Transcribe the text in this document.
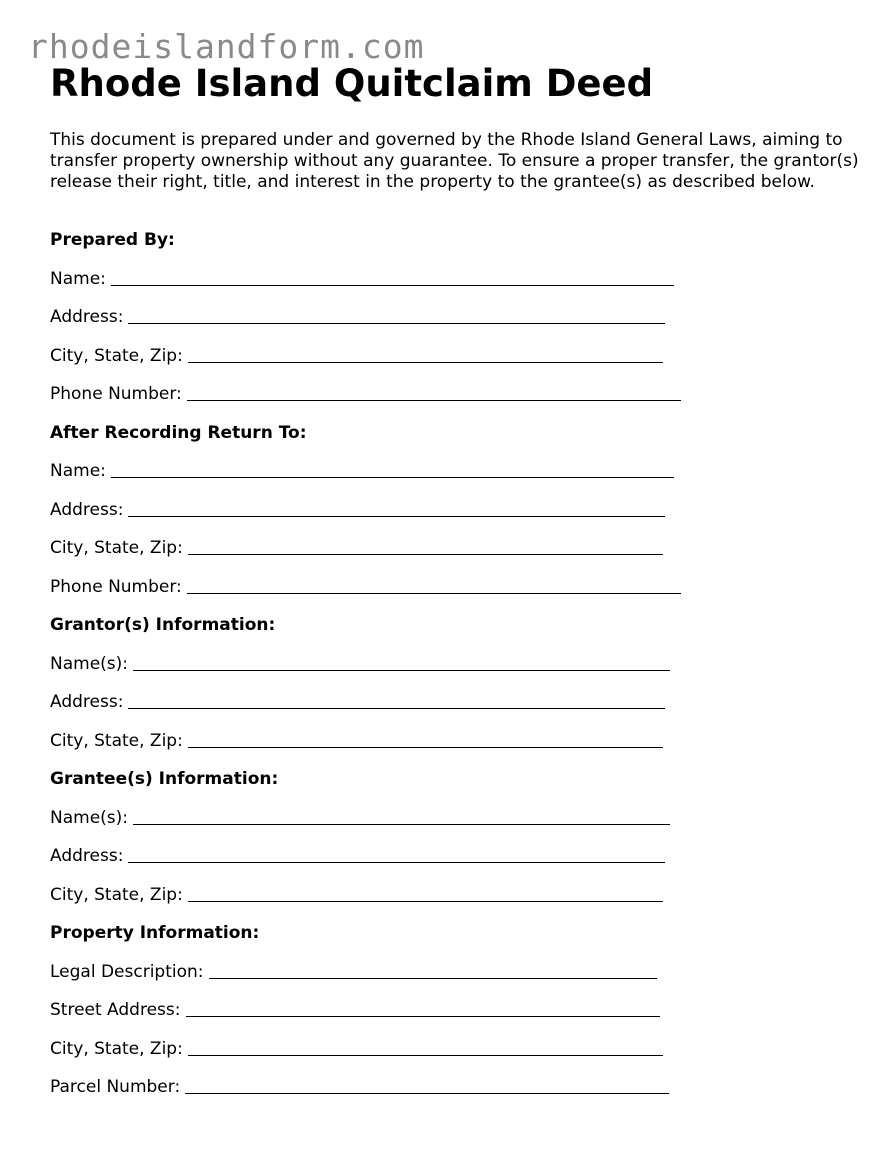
rhodeislandform.com
Rhode Island Quitclaim Deed

This document is prepared under and governed by the Rhode Island General Laws, aiming to transfer property ownership without any guarantee. To ensure a proper transfer, the grantor(s) release their right, title, and interest in the property to the grantee(s) as described below.

Prepared By:
Name:
Address:
City, State, Zip:
Phone Number:
After Recording Return To:
Name:
Address:
City, State, Zip:
Phone Number:
Grantor(s) Information:
Name(s):
Address:
City, State, Zip:
Grantee(s) Information:
Name(s):
Address:
City, State, Zip:
Property Information:
Legal Description:
Street Address:
City, State, Zip:
Parcel Number:
